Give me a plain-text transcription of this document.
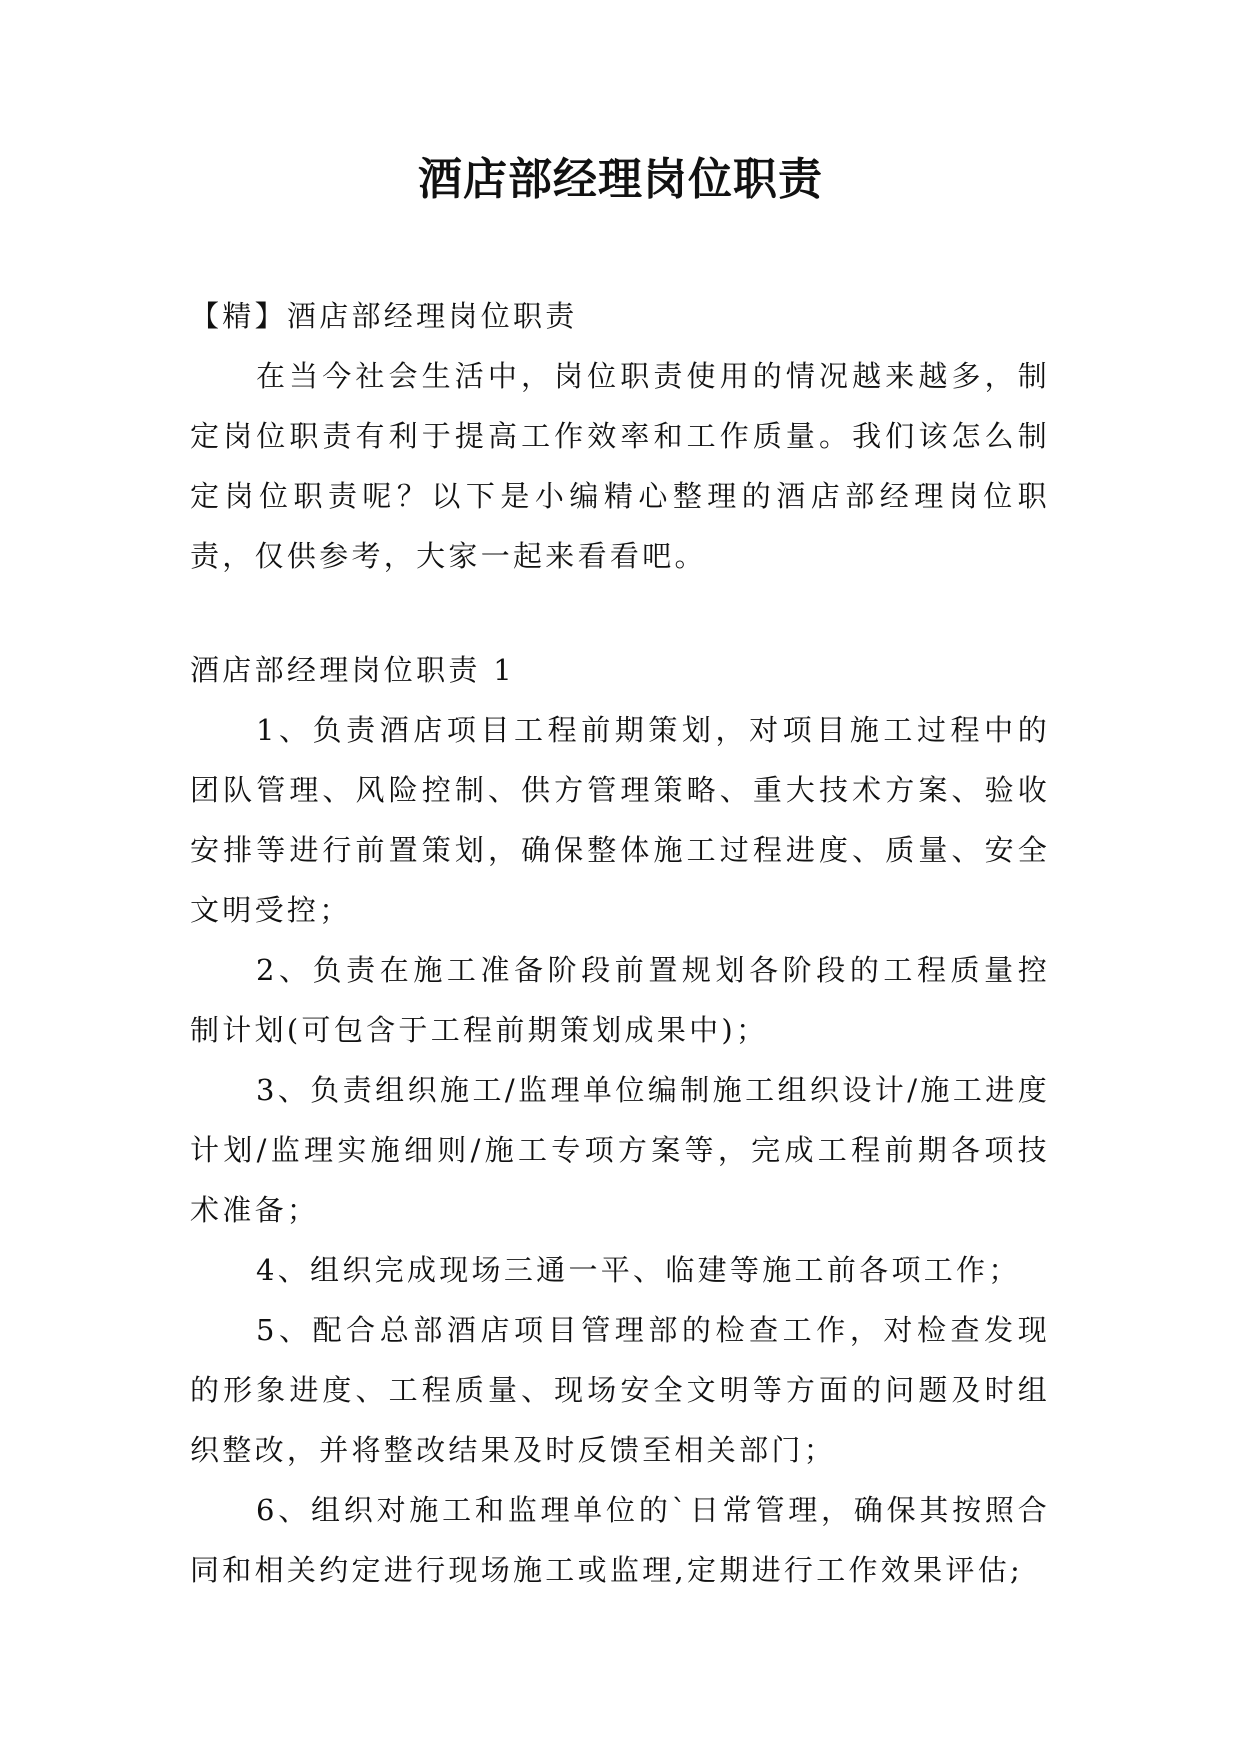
酒店部经理岗位职责

【精】酒店部经理岗位职责

在当今社会生活中，岗位职责使用的情况越来越多，制定岗位职责有利于提高工作效率和工作质量。我们该怎么制定岗位职责呢？以下是小编精心整理的酒店部经理岗位职责，仅供参考，大家一起来看看吧。

酒店部经理岗位职责 1

1、负责酒店项目工程前期策划，对项目施工过程中的团队管理、风险控制、供方管理策略、重大技术方案、验收安排等进行前置策划，确保整体施工过程进度、质量、安全文明受控；

2、负责在施工准备阶段前置规划各阶段的工程质量控制计划(可包含于工程前期策划成果中)；

3、负责组织施工/监理单位编制施工组织设计/施工进度计划/监理实施细则/施工专项方案等，完成工程前期各项技术准备；

4、组织完成现场三通一平、临建等施工前各项工作；

5、配合总部酒店项目管理部的检查工作，对检查发现的形象进度、工程质量、现场安全文明等方面的问题及时组织整改，并将整改结果及时反馈至相关部门；

6、组织对施工和监理单位的`日常管理，确保其按照合同和相关约定进行现场施工或监理,定期进行工作效果评估;
